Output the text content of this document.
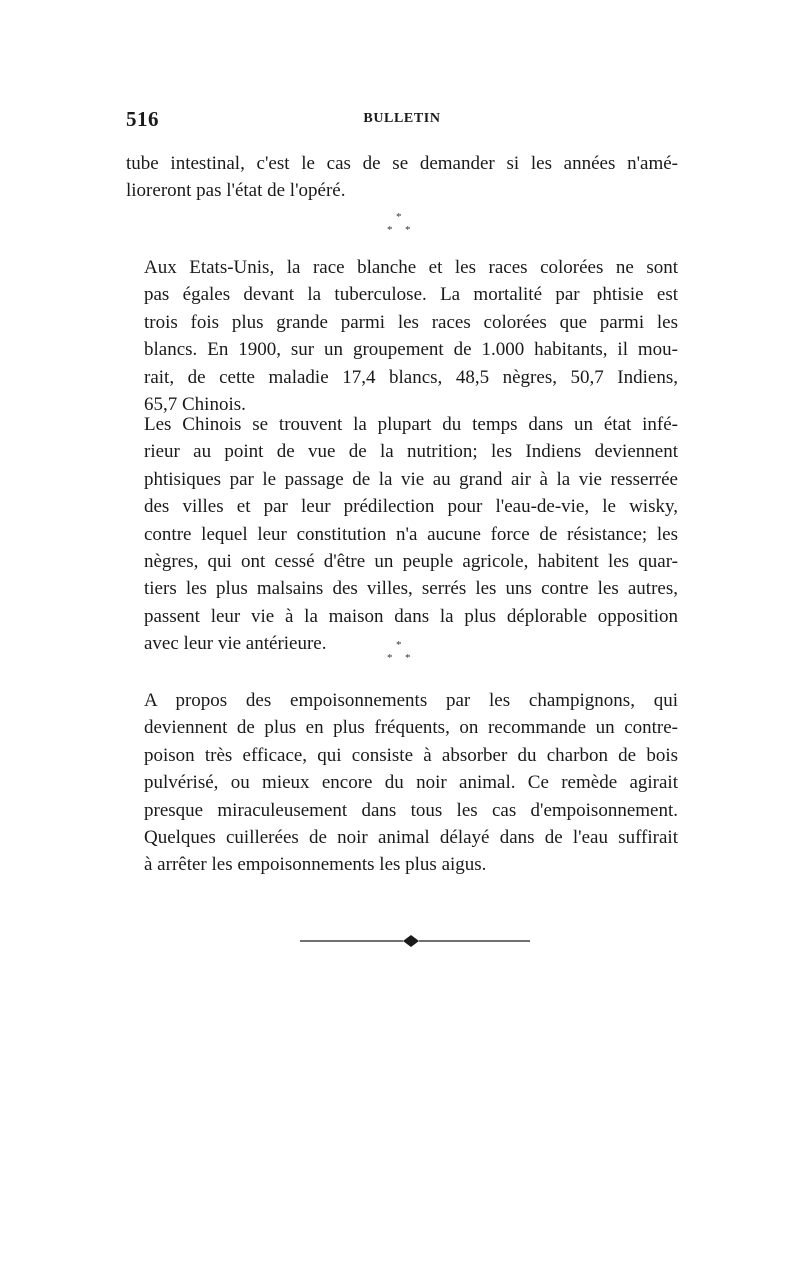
516	BULLETIN

tube intestinal, c'est le cas de se demander si les années n'amé-
lioreront pas l'état de l'opéré.

*
* *

Aux Etats-Unis, la race blanche et les races colorées ne sont
pas égales devant la tuberculose. La mortalité par phtisie est
trois fois plus grande parmi les races colorées que parmi les
blancs. En 1900, sur un groupement de 1.000 habitants, il mou-
rait, de cette maladie 17,4 blancs, 48,5 nègres, 50,7 Indiens,
65,7 Chinois.

Les Chinois se trouvent la plupart du temps dans un état infé-
rieur au point de vue de la nutrition; les Indiens deviennent
phtisiques par le passage de la vie au grand air à la vie resserrée
des villes et par leur prédilection pour l'eau-de-vie, le wisky,
contre lequel leur constitution n'a aucune force de résistance; les
nègres, qui ont cessé d'être un peuple agricole, habitent les quar-
tiers les plus malsains des villes, serrés les uns contre les autres,
passent leur vie à la maison dans la plus déplorable opposition
avec leur vie antérieure.	*
* *

A propos des empoisonnements par les champignons, qui
deviennent de plus en plus fréquents, on recommande un contre-
poison très efficace, qui consiste à absorber du charbon de bois
pulvérisé, ou mieux encore du noir animal. Ce remède agirait
presque miraculeusement dans tous les cas d'empoisonnement.
Quelques cuillerées de noir animal délayé dans de l'eau suffirait
à arrêter les empoisonnements les plus aigus.
